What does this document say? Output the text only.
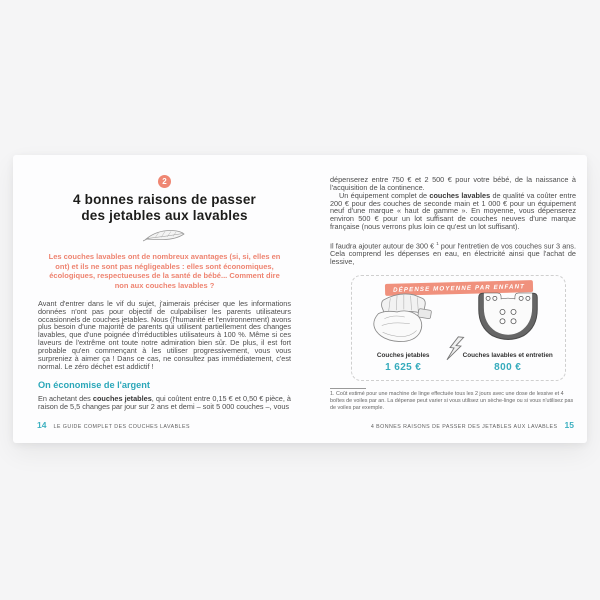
2
4 bonnes raisons de passer
des jetables aux lavables

Les couches lavables ont de nombreux avantages (si, si, elles en ont) et ils ne sont pas négligeables : elles sont économiques, écologiques, respectueuses de la santé de bébé... Comment dire non aux couches lavables ?

Avant d'entrer dans le vif du sujet, j'aimerais préciser que les informations données n'ont pas pour objectif de culpabiliser les parents utilisateurs occasionnels de couches jetables. Nous (l'humanité et l'environnement) avons plus besoin d'une majorité de parents qui utilisent partiellement des changes lavables, que d'une poignée d'irréductibles utilisateurs à 100 %. Même si ces laveurs de l'extrême ont toute notre admiration bien sûr. De plus, il est fort probable qu'en commençant à les utiliser progressivement, vous vous surpreniez à aimer ça ! Dans ce cas, ne consultez pas immédiatement, c'est normal. Le zéro déchet est addictif !

On économise de l'argent

En achetant des couches jetables, qui coûtent entre 0,15 € et 0,50 € pièce, à raison de 5,5 changes par jour sur 2 ans et demi – soit 5 000 couches –, vous

14 LE GUIDE COMPLET DES COUCHES LAVABLES

dépenserez entre 750 € et 2 500 € pour votre bébé, de la naissance à l'acquisition de la continence.

Un équipement complet de couches lavables de qualité va coûter entre 200 € pour des couches de seconde main et 1 000 € pour un équipement neuf d'une marque « haut de gamme ». En moyenne, vous dépenserez environ 500 € pour un lot suffisant de couches neuves d'une marque française (nous verrons plus loin ce qu'est un lot suffisant).

Il faudra ajouter autour de 300 € $^1$ pour l'entretien de vos couches sur 3 ans. Cela comprend les dépenses en eau, en électricité ainsi que l'achat de lessive,

DÉPENSE MOYENNE PAR ENFANT
Couches jetables
1 625 €
Couches lavables et entretien
800 €

1. Coût estimé pour une machine de linge effectuée tous les 2 jours avec une dose de lessive et 4 boîtes de voiles par an. La dépense peut varier si vous utilisez un sèche-linge ou si vous n'utilisez pas de voiles par exemple.

4 BONNES RAISONS DE PASSER DES JETABLES AUX LAVABLES 15
